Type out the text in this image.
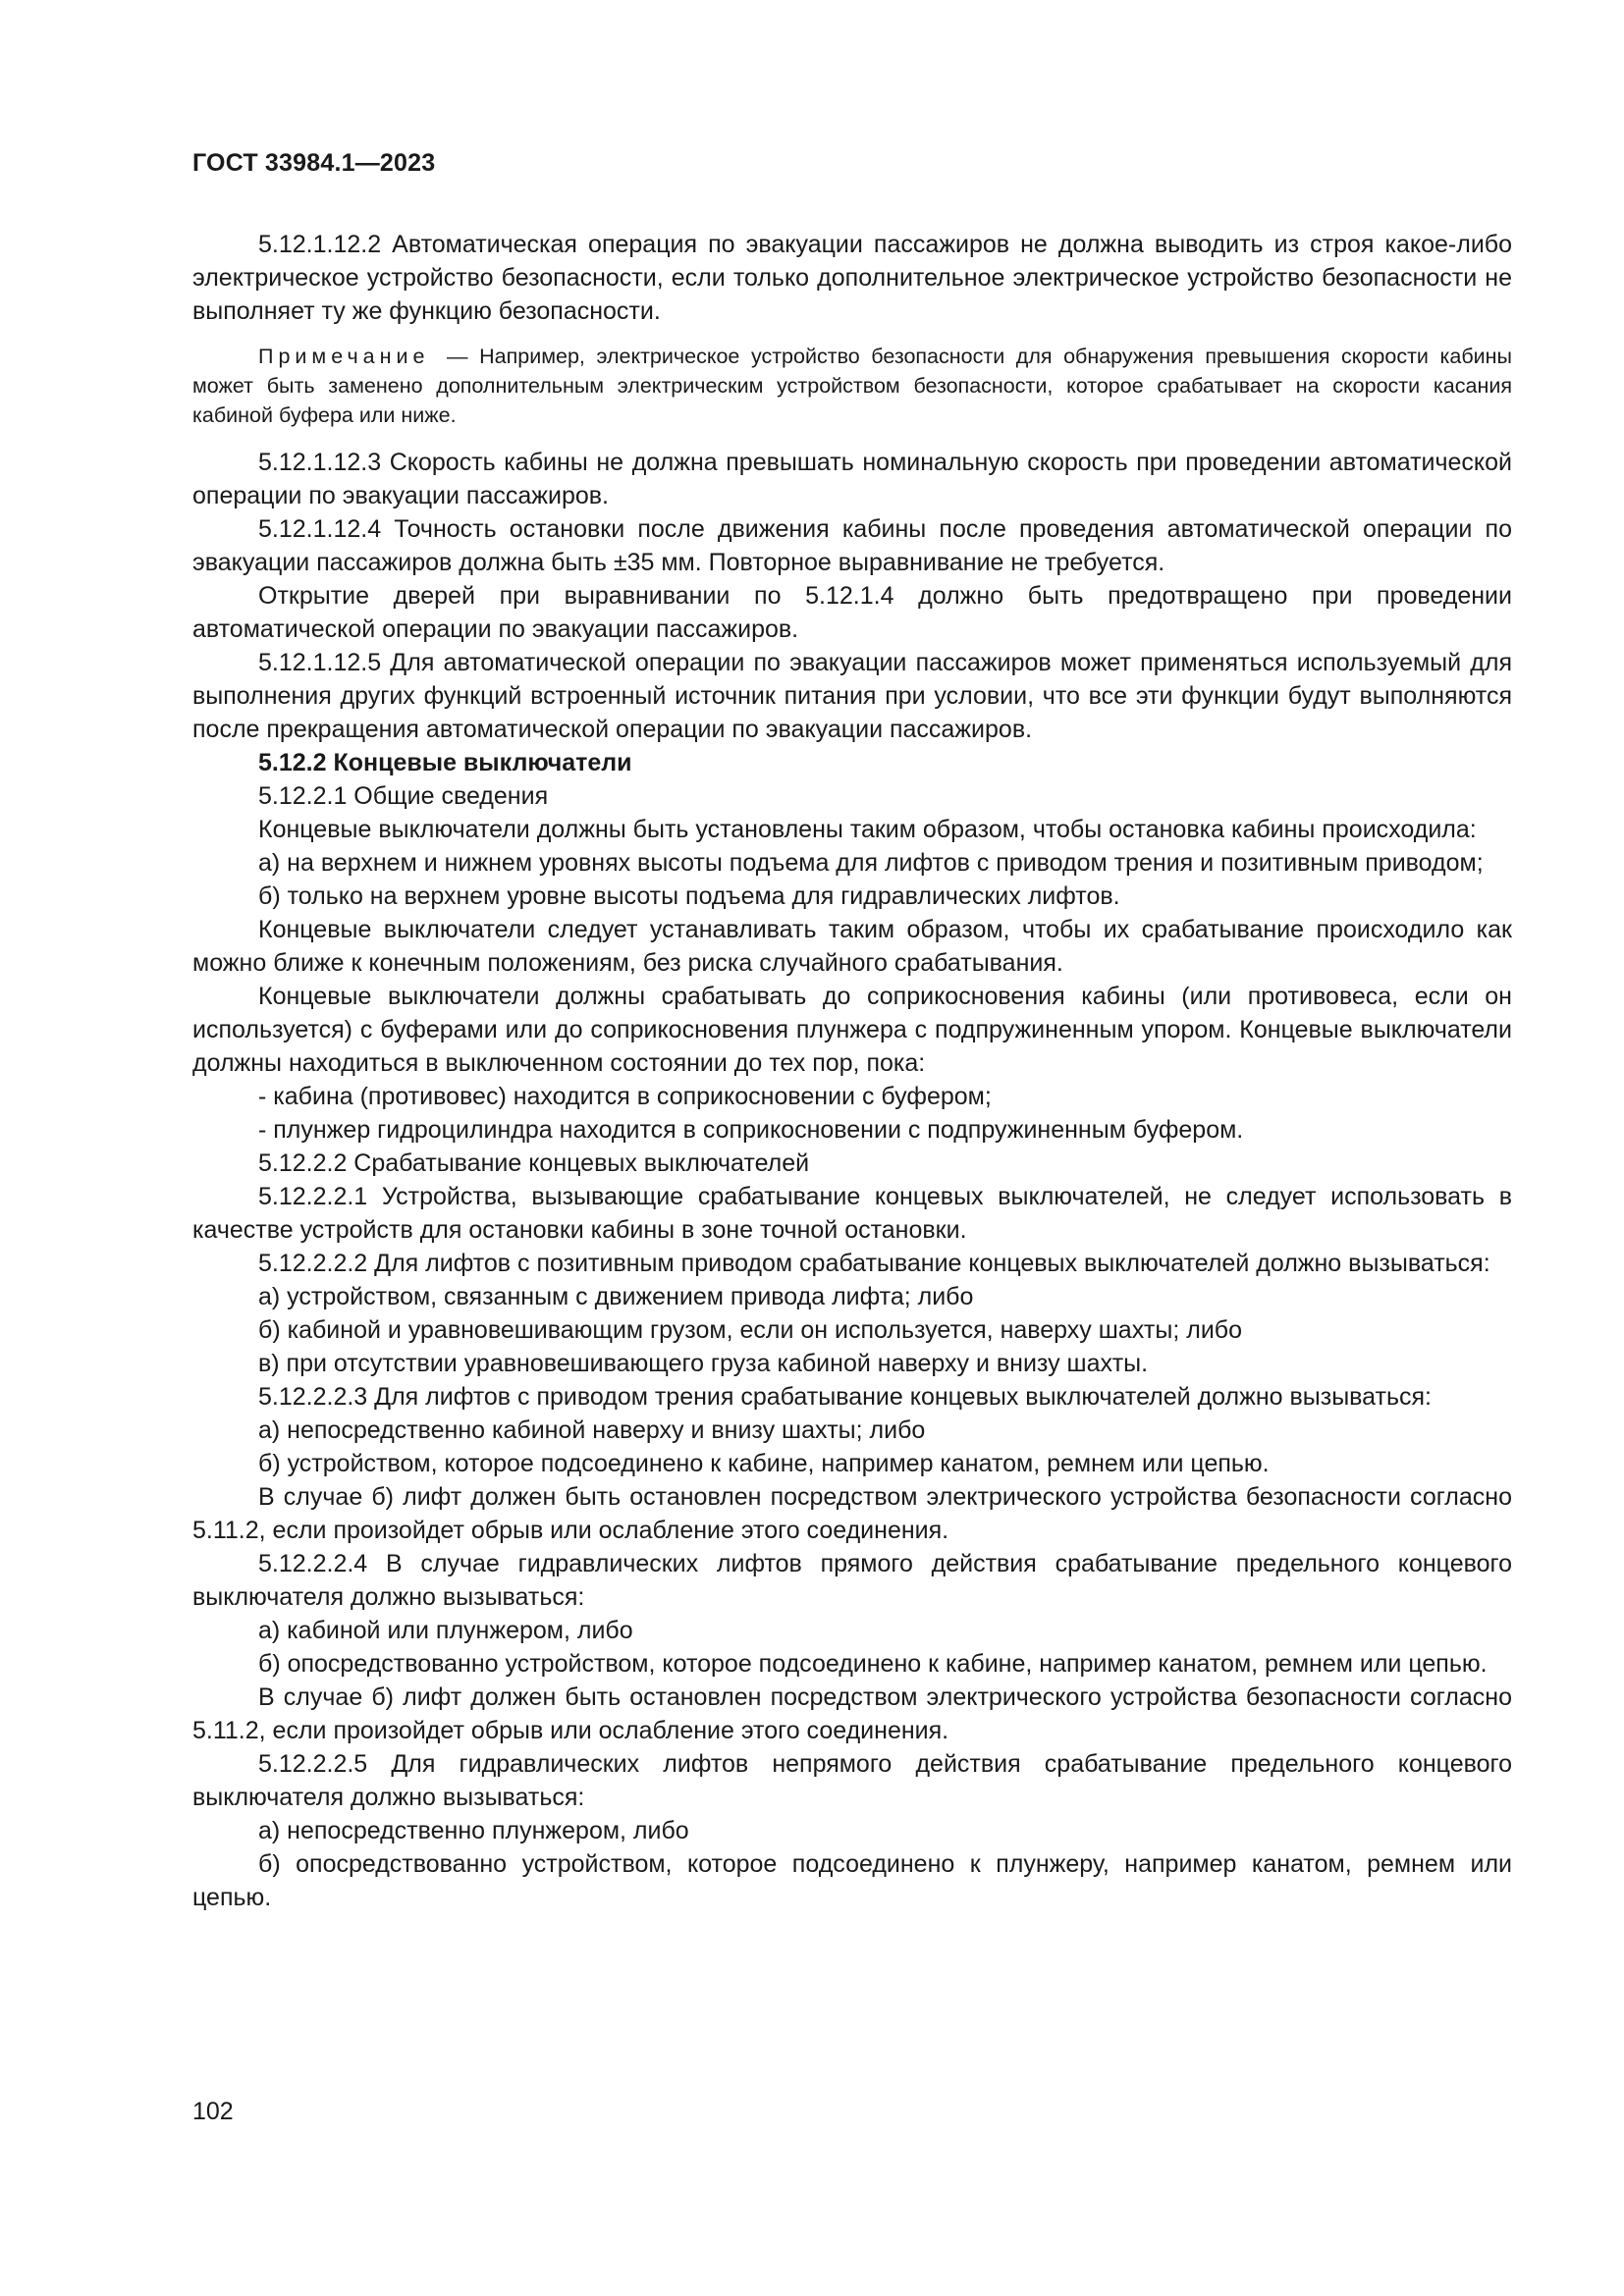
ГОСТ 33984.1—2023

5.12.1.12.2 Автоматическая операция по эвакуации пассажиров не должна выводить из строя какое-либо электрическое устройство безопасности, если только дополнительное электрическое устройство безопасности не выполняет ту же функцию безопасности.

Примечание — Например, электрическое устройство безопасности для обнаружения превышения скорости кабины может быть заменено дополнительным электрическим устройством безопасности, которое срабатывает на скорости касания кабиной буфера или ниже.

5.12.1.12.3 Скорость кабины не должна превышать номинальную скорость при проведении автоматической операции по эвакуации пассажиров.

5.12.1.12.4 Точность остановки после движения кабины после проведения автоматической операции по эвакуации пассажиров должна быть ±35 мм. Повторное выравнивание не требуется.

Открытие дверей при выравнивании по 5.12.1.4 должно быть предотвращено при проведении автоматической операции по эвакуации пассажиров.

5.12.1.12.5 Для автоматической операции по эвакуации пассажиров может применяться используемый для выполнения других функций встроенный источник питания при условии, что все эти функции будут выполняются после прекращения автоматической операции по эвакуации пассажиров.

5.12.2 Концевые выключатели

5.12.2.1 Общие сведения

Концевые выключатели должны быть установлены таким образом, чтобы остановка кабины происходила:

а) на верхнем и нижнем уровнях высоты подъема для лифтов с приводом трения и позитивным приводом;

б) только на верхнем уровне высоты подъема для гидравлических лифтов.

Концевые выключатели следует устанавливать таким образом, чтобы их срабатывание происходило как можно ближе к конечным положениям, без риска случайного срабатывания.

Концевые выключатели должны срабатывать до соприкосновения кабины (или противовеса, если он используется) с буферами или до соприкосновения плунжера с подпружиненным упором. Концевые выключатели должны находиться в выключенном состоянии до тех пор, пока:

- кабина (противовес) находится в соприкосновении с буфером;

- плунжер гидроцилиндра находится в соприкосновении с подпружиненным буфером.

5.12.2.2 Срабатывание концевых выключателей

5.12.2.2.1 Устройства, вызывающие срабатывание концевых выключателей, не следует использовать в качестве устройств для остановки кабины в зоне точной остановки.

5.12.2.2.2 Для лифтов с позитивным приводом срабатывание концевых выключателей должно вызываться:

а) устройством, связанным с движением привода лифта; либо

б) кабиной и уравновешивающим грузом, если он используется, наверху шахты; либо

в) при отсутствии уравновешивающего груза кабиной наверху и внизу шахты.

5.12.2.2.3 Для лифтов с приводом трения срабатывание концевых выключателей должно вызываться:

а) непосредственно кабиной наверху и внизу шахты; либо

б) устройством, которое подсоединено к кабине, например канатом, ремнем или цепью.

В случае б) лифт должен быть остановлен посредством электрического устройства безопасности согласно 5.11.2, если произойдет обрыв или ослабление этого соединения.

5.12.2.2.4 В случае гидравлических лифтов прямого действия срабатывание предельного концевого выключателя должно вызываться:

а) кабиной или плунжером, либо

б) опосредствованно устройством, которое подсоединено к кабине, например канатом, ремнем или цепью.

В случае б) лифт должен быть остановлен посредством электрического устройства безопасности согласно 5.11.2, если произойдет обрыв или ослабление этого соединения.

5.12.2.2.5 Для гидравлических лифтов непрямого действия срабатывание предельного концевого выключателя должно вызываться:

а) непосредственно плунжером, либо

б) опосредствованно устройством, которое подсоединено к плунжеру, например канатом, ремнем или цепью.

102
